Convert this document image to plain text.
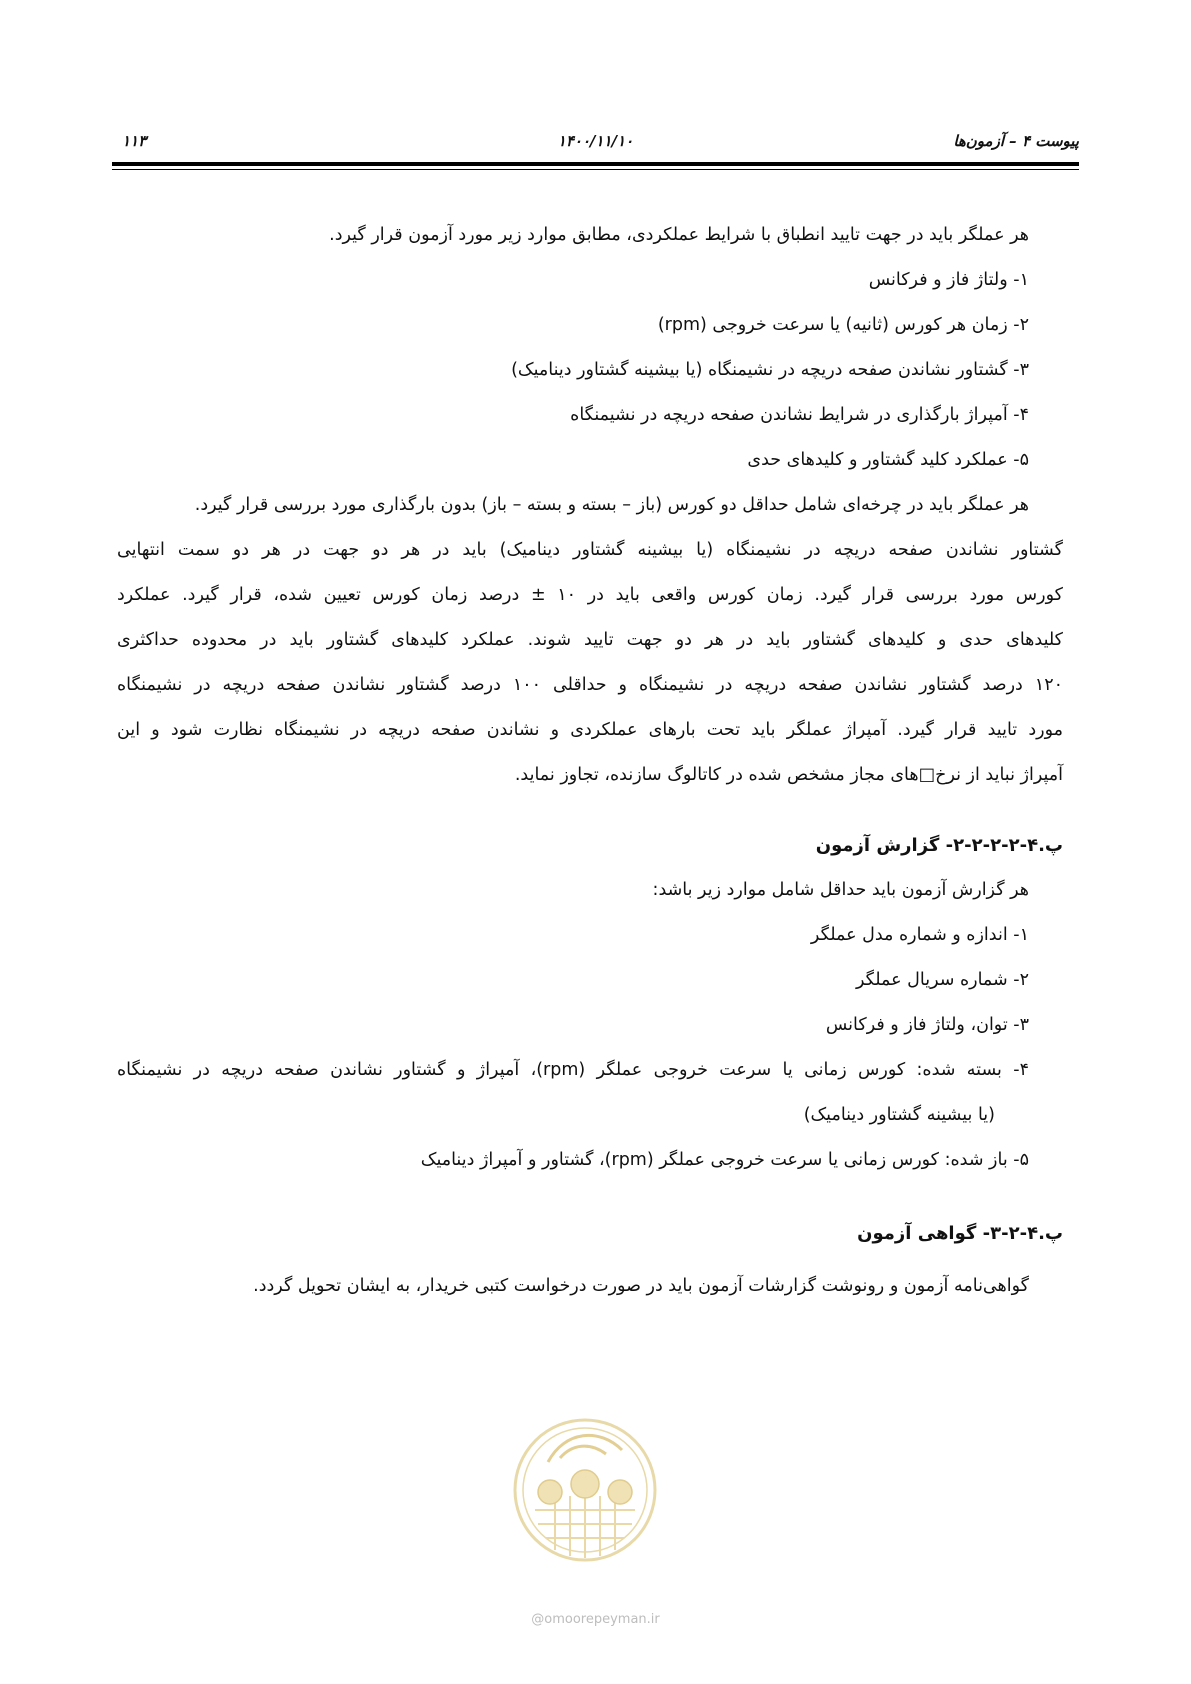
پیوست ۴ – آزمون‌ها
۱۴۰۰/۱۱/۱۰
۱۱۳
هر عملگر باید در جهت تایید انطباق با شرایط عملکردی، مطابق موارد زیر مورد آزمون قرار گیرد.
۱- ولتاژ فاز و فرکانس
۲- زمان هر کورس (ثانیه) یا سرعت خروجی (rpm)
۳- گشتاور نشاندن صفحه دریچه در نشیمنگاه (یا بیشینه گشتاور دینامیک)
۴- آمپراژ بارگذاری در شرایط نشاندن صفحه دریچه در نشیمنگاه
۵- عملکرد کلید گشتاور و کلیدهای حدی
هر عملگر باید در چرخه‌ای شامل حداقل دو کورس (باز – بسته و بسته – باز) بدون بارگذاری مورد بررسی قرار گیرد.
گشتاور نشاندن صفحه دریچه در نشیمنگاه (یا بیشینه گشتاور دینامیک) باید در هر دو جهت در هر دو سمت انتهایی
کورس مورد بررسی قرار گیرد. زمان کورس واقعی باید در ۱۰ ± درصد زمان کورس تعیین شده، قرار گیرد. عملکرد
کلیدهای حدی و کلیدهای گشتاور باید در هر دو جهت تایید شوند. عملکرد کلیدهای گشتاور باید در محدوده حداکثری
۱۲۰ درصد گشتاور نشاندن صفحه دریچه در نشیمنگاه و حداقلی ۱۰۰ درصد گشتاور نشاندن صفحه دریچه در نشیمنگاه
مورد تایید قرار گیرد. آمپراژ عملگر باید تحت بارهای عملکردی و نشاندن صفحه دریچه در نشیمنگاه نظارت شود و این
آمپراژ نباید از نرخ□های مجاز مشخص شده در کاتالوگ سازنده، تجاوز نماید.
پ.۴-۲-۲-۲-۲- گزارش آزمون
هر گزارش آزمون باید حداقل شامل موارد زیر باشد:
۱- اندازه و شماره مدل عملگر
۲- شماره سریال عملگر
۳- توان، ولتاژ فاز و فرکانس
۴- بسته شده: کورس زمانی یا سرعت خروجی عملگر (rpm)، آمپراژ و گشتاور نشاندن صفحه دریچه در نشیمنگاه
(یا بیشینه گشتاور دینامیک)
۵- باز شده: کورس زمانی یا سرعت خروجی عملگر (rpm)، گشتاور و آمپراژ دینامیک
پ.۴-۲-۳- گواهی آزمون
گواهی‌نامه آزمون و رونوشت گزارشات آزمون باید در صورت درخواست کتبی خریدار، به ایشان تحویل گردد.
@omoorepeyman.ir
